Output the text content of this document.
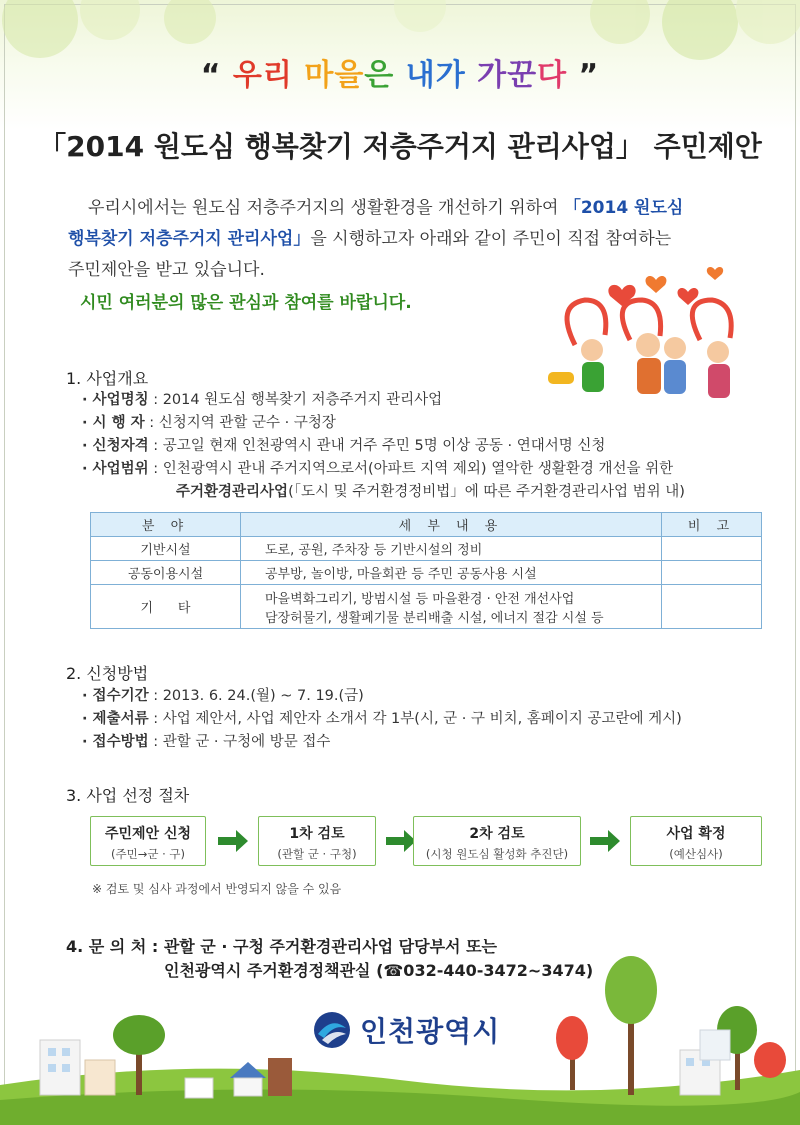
“ 우리 마을은 내가 가꾼다 ”
「2014 원도심 행복찾기 저층주거지 관리사업」 주민제안
우리시에서는 원도심 저층주거지의 생활환경을 개선하기 위하여 「2014 원도심
행복찾기 저층주거지 관리사업」을 시행하고자 아래와 같이 주민이 직접 참여하는
주민제안을 받고 있습니다.
시민 여러분의 많은 관심과 참여를 바랍니다.
1. 사업개요
· 사업명칭 : 2014 원도심 행복찾기 저층주거지 관리사업
· 시 행 자 : 신청지역 관할 군수 · 구청장
· 신청자격 : 공고일 현재 인천광역시 관내 거주 주민 5명 이상 공동 · 연대서명 신청
· 사업범위 : 인천광역시 관내 주거지역으로서(아파트 지역 제외) 열악한 생활환경 개선을 위한
주거환경관리사업(「도시 및 주거환경정비법」에 따른 주거환경관리사업 범위 내)
분 야	세 부 내 용	비 고
기반시설	도로, 공원, 주차장 등 기반시설의 정비	
공동이용시설	공부방, 놀이방, 마을회관 등 주민 공동사용 시설	
기      타	마을벽화그리기, 방범시설 등 마을환경 · 안전 개선사업
담장허물기, 생활폐기물 분리배출 시설, 에너지 절감 시설 등	

2. 신청방법
· 접수기간 : 2013. 6. 24.(월) ~ 7. 19.(금)
· 제출서류 : 사업 제안서, 사업 제안자 소개서 각 1부(시, 군 · 구 비치, 홈페이지 공고란에 게시)
· 접수방법 : 관할 군 · 구청에 방문 접수
3. 사업 선정 절차
주민제안 신청
(주민→군 · 구)
1차 검토
(관할 군 · 구청)
2차 검토
(시청 원도심 활성화 추진단)
사업 확정
(예산심사)
※ 검토 및 심사 과정에서 반영되지 않을 수 있음
4. 문 의 처 : 관할 군 · 구청 주거환경관리사업 담당부서 또는
인천광역시 주거환경정책관실 (☎032-440-3472~3474)
인천광역시
